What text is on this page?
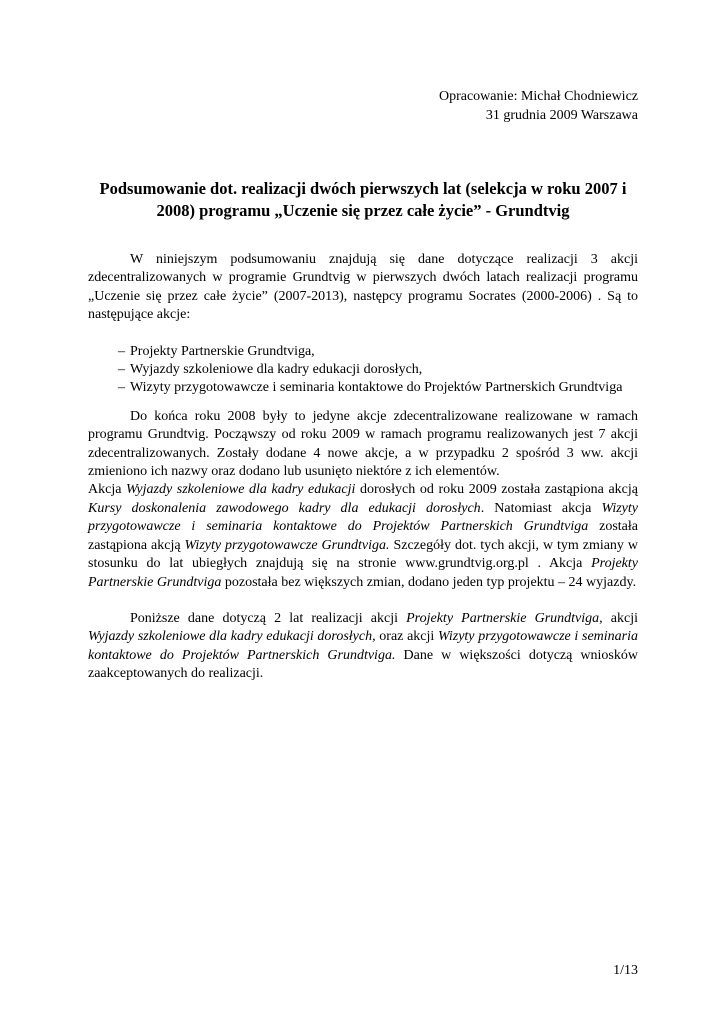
Opracowanie: Michał Chodniewicz
31 grudnia 2009 Warszawa
Podsumowanie dot. realizacji dwóch pierwszych lat (selekcja w roku 2007 i 2008) programu „Uczenie się przez całe życie” - Grundtvig

W niniejszym podsumowaniu znajdują się dane dotyczące realizacji 3 akcji zdecentralizowanych w programie Grundtvig w pierwszych dwóch latach realizacji programu „Uczenie się przez całe życie” (2007-2013), następcy programu Socrates (2000-2006) . Są to następujące akcje:

– Projekty Partnerskie Grundtviga,
– Wyjazdy szkoleniowe dla kadry edukacji dorosłych,
– Wizyty przygotowawcze i seminaria kontaktowe do Projektów Partnerskich Grundtviga

Do końca roku 2008 były to jedyne akcje zdecentralizowane realizowane w ramach programu Grundtvig. Począwszy od roku 2009 w ramach programu realizowanych jest 7 akcji zdecentralizowanych. Zostały dodane 4 nowe akcje, a w przypadku 2 spośród 3 ww. akcji zmieniono ich nazwy oraz dodano lub usunięto niektóre z ich elementów.

Akcja Wyjazdy szkoleniowe dla kadry edukacji dorosłych od roku 2009 została zastąpiona akcją Kursy doskonalenia zawodowego kadry dla edukacji dorosłych. Natomiast akcja Wizyty przygotowawcze i seminaria kontaktowe do Projektów Partnerskich Grundtviga została zastąpiona akcją Wizyty przygotowawcze Grundtviga. Szczegóły dot. tych akcji, w tym zmiany w stosunku do lat ubiegłych znajdują się na stronie www.grundtvig.org.pl . Akcja Projekty Partnerskie Grundtviga pozostała bez większych zmian, dodano jeden typ projektu – 24 wyjazdy.

Poniższe dane dotyczą 2 lat realizacji akcji Projekty Partnerskie Grundtviga, akcji Wyjazdy szkoleniowe dla kadry edukacji dorosłych, oraz akcji Wizyty przygotowawcze i seminaria kontaktowe do Projektów Partnerskich Grundtviga. Dane w większości dotyczą wniosków zaakceptowanych do realizacji.

1/13
